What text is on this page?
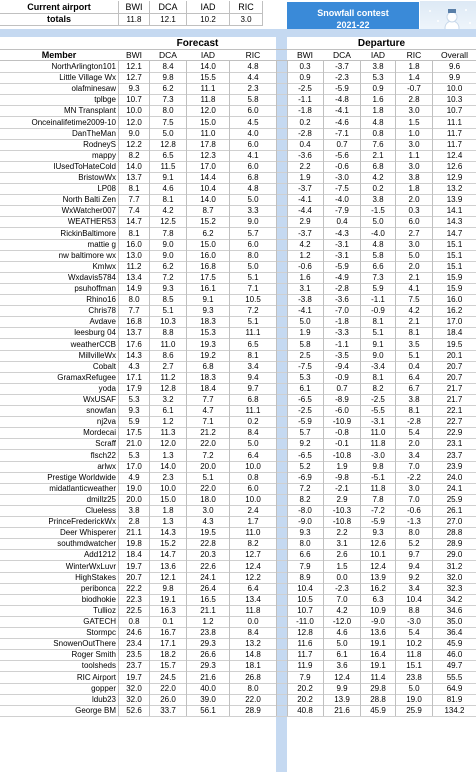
Current airport
totals
BWI	DCA	IAD	RIC
11.8	12.1	10.2	3.0
Snowfall contest
2021-22
Forecast	Departure
Member	BWI	DCA	IAD	RIC	BWI	DCA	IAD	RIC	Overall
NorthArlington101	12.1	8.4	14.0	4.8	0.3	-3.7	3.8	1.8	9.6
Little Village Wx	12.7	9.8	15.5	4.4	0.9	-2.3	5.3	1.4	9.9
olafminesaw	9.3	6.2	11.1	2.3	-2.5	-5.9	0.9	-0.7	10.0
tplbge	10.7	7.3	11.8	5.8	-1.1	-4.8	1.6	2.8	10.3
MN Transplant	10.0	8.0	12.0	6.0	-1.8	-4.1	1.8	3.0	10.7
Onceinalifetime2009-10	12.0	7.5	15.0	4.5	0.2	-4.6	4.8	1.5	11.1
DanTheMan	9.0	5.0	11.0	4.0	-2.8	-7.1	0.8	1.0	11.7
RodneyS	12.2	12.8	17.8	6.0	0.4	0.7	7.6	3.0	11.7
mappy	8.2	6.5	12.3	4.1	-3.6	-5.6	2.1	1.1	12.4
IUsedToHateCold	14.0	11.5	17.0	6.0	2.2	-0.6	6.8	3.0	12.6
BristowWx	13.7	9.1	14.4	6.8	1.9	-3.0	4.2	3.8	12.9
LP08	8.1	4.6	10.4	4.8	-3.7	-7.5	0.2	1.8	13.2
North Balti Zen	7.7	8.1	14.0	5.0	-4.1	-4.0	3.8	2.0	13.9
WxWatcher007	7.4	4.2	8.7	3.3	-4.4	-7.9	-1.5	0.3	14.1
WEATHER53	14.7	12.5	15.2	9.0	2.9	0.4	5.0	6.0	14.3
RickinBaltimore	8.1	7.8	6.2	5.7	-3.7	-4.3	-4.0	2.7	14.7
mattie g	16.0	9.0	15.0	6.0	4.2	-3.1	4.8	3.0	15.1
nw baltimore wx	13.0	9.0	16.0	8.0	1.2	-3.1	5.8	5.0	15.1
Kmlwx	11.2	6.2	16.8	5.0	-0.6	-5.9	6.6	2.0	15.1
Wxdavis5784	13.4	7.2	17.5	5.1	1.6	-4.9	7.3	2.1	15.9
psuhoffman	14.9	9.3	16.1	7.1	3.1	-2.8	5.9	4.1	15.9
Rhino16	8.0	8.5	9.1	10.5	-3.8	-3.6	-1.1	7.5	16.0
Chris78	7.7	5.1	9.3	7.2	-4.1	-7.0	-0.9	4.2	16.2
Avdave	16.8	10.3	18.3	5.1	5.0	-1.8	8.1	2.1	17.0
leesburg 04	13.7	8.8	15.3	11.1	1.9	-3.3	5.1	8.1	18.4
weatherCCB	17.6	11.0	19.3	6.5	5.8	-1.1	9.1	3.5	19.5
MillvilleWx	14.3	8.6	19.2	8.1	2.5	-3.5	9.0	5.1	20.1
Cobalt	4.3	2.7	6.8	3.4	-7.5	-9.4	-3.4	0.4	20.7
GramaxRefugee	17.1	11.2	18.3	9.4	5.3	-0.9	8.1	6.4	20.7
yoda	17.9	12.8	18.4	9.7	6.1	0.7	8.2	6.7	21.7
WxUSAF	5.3	3.2	7.7	6.8	-6.5	-8.9	-2.5	3.8	21.7
snowfan	9.3	6.1	4.7	11.1	-2.5	-6.0	-5.5	8.1	22.1
nj2va	5.9	1.2	7.1	0.2	-5.9	-10.9	-3.1	-2.8	22.7
Mordecai	17.5	11.3	21.2	8.4	5.7	-0.8	11.0	5.4	22.9
Scraff	21.0	12.0	22.0	5.0	9.2	-0.1	11.8	2.0	23.1
flsch22	5.3	1.3	7.2	6.4	-6.5	-10.8	-3.0	3.4	23.7
arlwx	17.0	14.0	20.0	10.0	5.2	1.9	9.8	7.0	23.9
Prestige Worldwide	4.9	2.3	5.1	0.8	-6.9	-9.8	-5.1	-2.2	24.0
midatlanticweather	19.0	10.0	22.0	6.0	7.2	-2.1	11.8	3.0	24.1
dmillz25	20.0	15.0	18.0	10.0	8.2	2.9	7.8	7.0	25.9
Clueless	3.8	1.8	3.0	2.4	-8.0	-10.3	-7.2	-0.6	26.1
PrinceFrederickWx	2.8	1.3	4.3	1.7	-9.0	-10.8	-5.9	-1.3	27.0
Deer Whisperer	21.1	14.3	19.5	11.0	9.3	2.2	9.3	8.0	28.8
southmdwatcher	19.8	15.2	22.8	8.2	8.0	3.1	12.6	5.2	28.9
Add1212	18.4	14.7	20.3	12.7	6.6	2.6	10.1	9.7	29.0
WinterWxLuvr	19.7	13.6	22.6	12.4	7.9	1.5	12.4	9.4	31.2
HighStakes	20.7	12.1	24.1	12.2	8.9	0.0	13.9	9.2	32.0
peribonca	22.2	9.8	26.4	6.4	10.4	-2.3	16.2	3.4	32.3
biodhokie	22.3	19.1	16.5	13.4	10.5	7.0	6.3	10.4	34.2
Tullioz	22.5	16.3	21.1	11.8	10.7	4.2	10.9	8.8	34.6
GATECH	0.8	0.1	1.2	0.0	-11.0	-12.0	-9.0	-3.0	35.0
Stormpc	24.6	16.7	23.8	8.4	12.8	4.6	13.6	5.4	36.4
SnowenOutThere	23.4	17.1	29.3	13.2	11.6	5.0	19.1	10.2	45.9
Roger Smith	23.5	18.2	26.6	14.8	11.7	6.1	16.4	11.8	46.0
toolsheds	23.7	15.7	29.3	18.1	11.9	3.6	19.1	15.1	49.7
RIC Airport	19.7	24.5	21.6	26.8	7.9	12.4	11.4	23.8	55.5
gopper	32.0	22.0	40.0	8.0	20.2	9.9	29.8	5.0	64.9
ldub23	32.0	26.0	39.0	22.0	20.2	13.9	28.8	19.0	81.9
George BM	52.6	33.7	56.1	28.9	40.8	21.6	45.9	25.9	134.2
